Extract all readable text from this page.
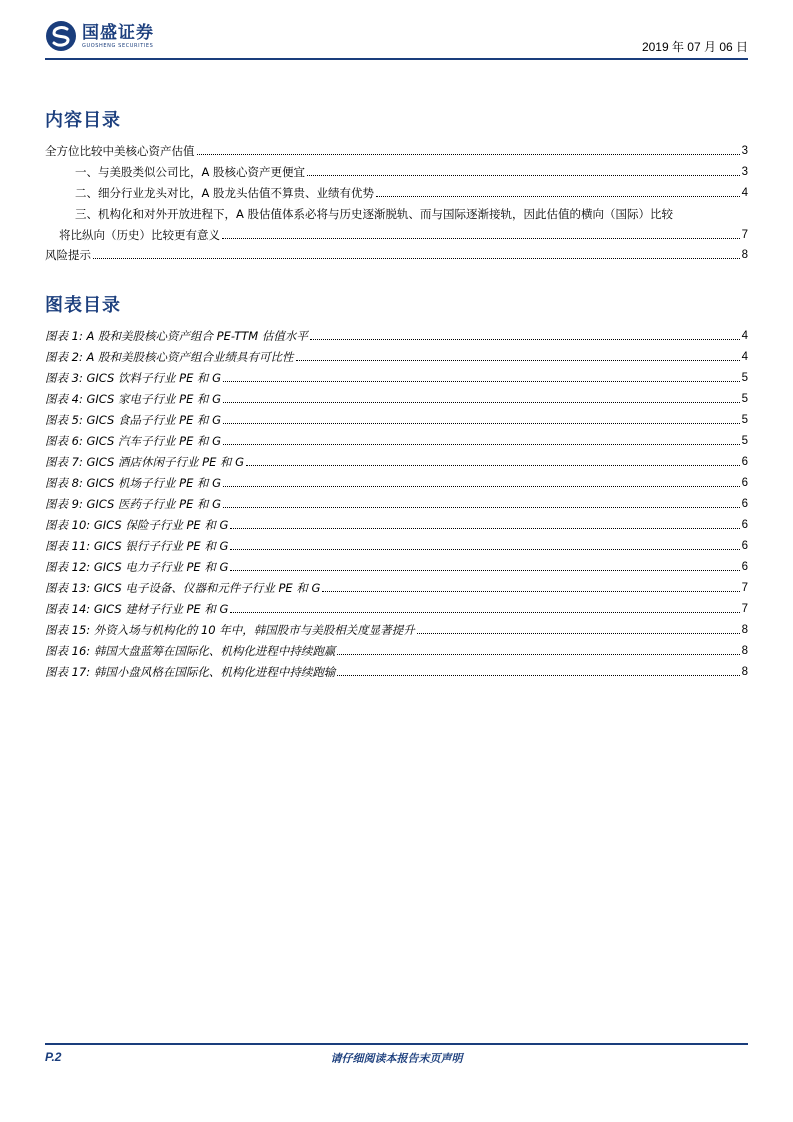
国盛证券
GUOSHENG SECURITIES	2019 年 07 月 06 日
内容目录
全方位比较中美核心资产估值	3
一、与美股类似公司比，A 股核心资产更便宜	3
二、细分行业龙头对比，A 股龙头估值不算贵、业绩有优势	4
三、机构化和对外开放进程下，A 股估值体系必将与历史逐渐脱轨、而与国际逐渐接轨，因此估值的横向（国际）比较
将比纵向（历史）比较更有意义	7
风险提示	8
图表目录
图表 1: A 股和美股核心资产组合 PE-TTM 估值水平	4
图表 2: A 股和美股核心资产组合业绩具有可比性	4
图表 3: GICS 饮料子行业 PE 和 G	5
图表 4: GICS 家电子行业 PE 和 G	5
图表 5: GICS 食品子行业 PE 和 G	5
图表 6: GICS 汽车子行业 PE 和 G	5
图表 7: GICS 酒店休闲子行业 PE 和 G	6
图表 8: GICS 机场子行业 PE 和 G	6
图表 9: GICS 医药子行业 PE 和 G	6
图表 10: GICS 保险子行业 PE 和 G	6
图表 11: GICS 银行子行业 PE 和 G	6
图表 12: GICS 电力子行业 PE 和 G	6
图表 13: GICS 电子设备、仪器和元件子行业 PE 和 G	7
图表 14: GICS 建材子行业 PE 和 G	7
图表 15: 外资入场与机构化的 10 年中，韩国股市与美股相关度显著提升	8
图表 16: 韩国大盘蓝筹在国际化、机构化进程中持续跑赢	8
图表 17: 韩国小盘风格在国际化、机构化进程中持续跑输	8
P.2	请仔细阅读本报告末页声明
